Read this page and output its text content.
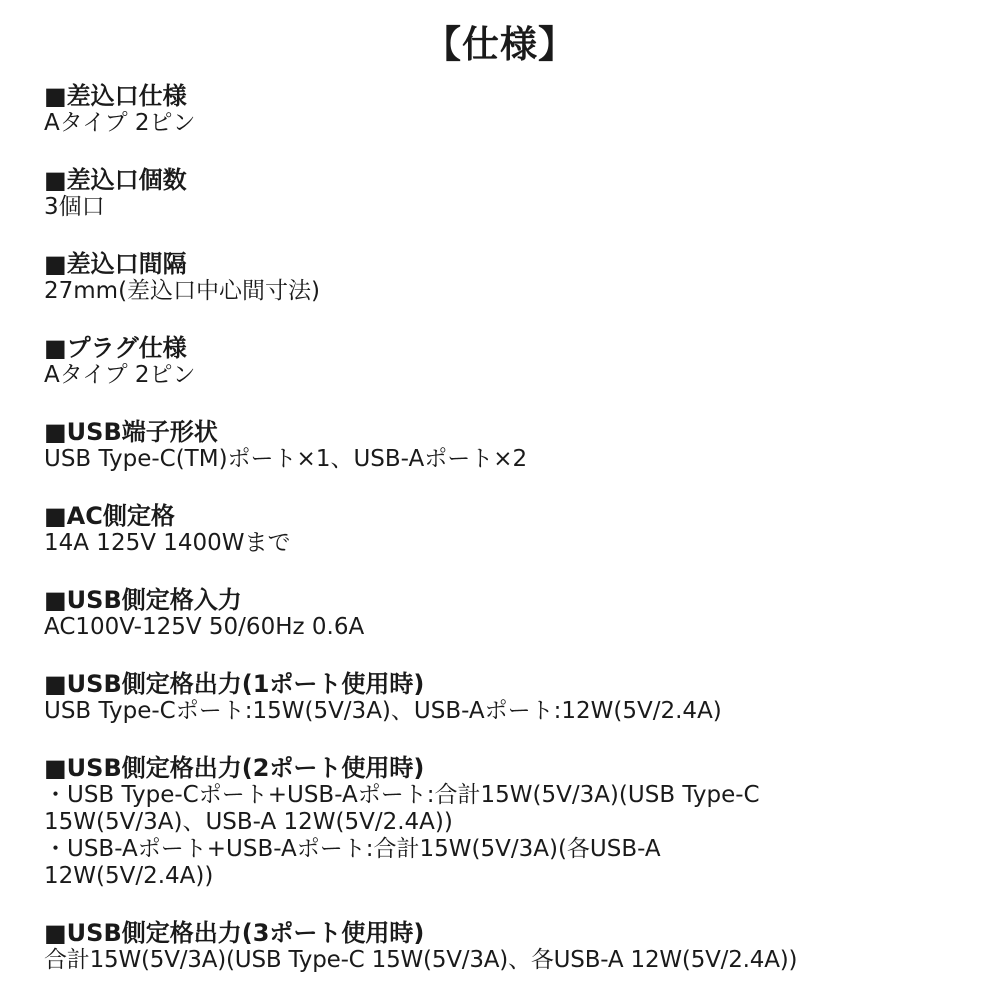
【仕様】
■差込口仕様
Aタイプ 2ピン
■差込口個数
3個口
■差込口間隔
27mm(差込口中心間寸法)
■プラグ仕様
Aタイプ 2ピン
■USB端子形状
USB Type-C(TM)ポート×1、USB-Aポート×2
■AC側定格
14A 125V 1400Wまで
■USB側定格入力
AC100V-125V 50/60Hz 0.6A
■USB側定格出力(1ポート使用時)
USB Type-Cポート:15W(5V/3A)、USB-Aポート:12W(5V/2.4A)
■USB側定格出力(2ポート使用時)
・USB Type-Cポート+USB-Aポート:合計15W(5V/3A)(USB Type-C
15W(5V/3A)、USB-A 12W(5V/2.4A))
・USB-Aポート+USB-Aポート:合計15W(5V/3A)(各USB-A
12W(5V/2.4A))
■USB側定格出力(3ポート使用時)
合計15W(5V/3A)(USB Type-C 15W(5V/3A)、各USB-A 12W(5V/2.4A))
